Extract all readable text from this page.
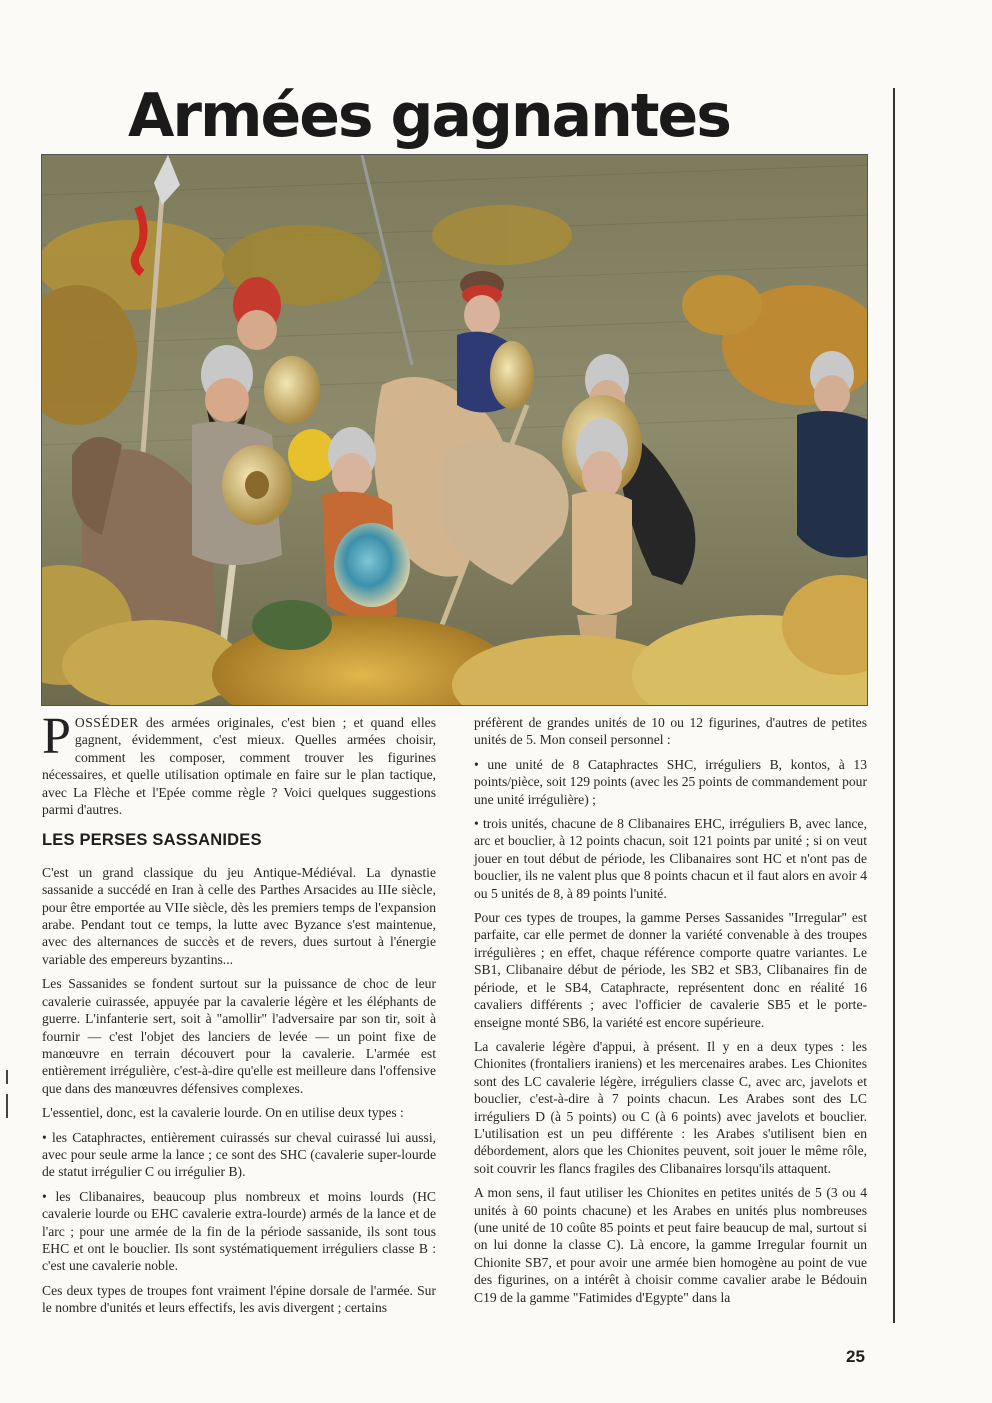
Armées gagnantes

POSSÉDER des armées originales, c'est bien ; et quand elles gagnent, évidemment, c'est mieux. Quelles armées choisir, comment les composer, comment trouver les figurines nécessaires, et quelle utilisation optimale en faire sur le plan tactique, avec La Flèche et l'Epée comme règle ? Voici quelques suggestions parmi d'autres.

LES PERSES SASSANIDES

C'est un grand classique du jeu Antique-Médiéval. La dynastie sassanide a succédé en Iran à celle des Parthes Arsacides au IIIe siècle, pour être emportée au VIIe siècle, dès les premiers temps de l'expansion arabe. Pendant tout ce temps, la lutte avec Byzance s'est maintenue, avec des alternances de succès et de revers, dues surtout à l'énergie variable des empereurs byzantins...

Les Sassanides se fondent surtout sur la puissance de choc de leur cavalerie cuirassée, appuyée par la cavalerie légère et les éléphants de guerre. L'infanterie sert, soit à "amollir" l'adversaire par son tir, soit à fournir — c'est l'objet des lanciers de levée — un point fixe de manœuvre en terrain découvert pour la cavalerie. L'armée est entièrement irrégulière, c'est-à-dire qu'elle est meilleure dans l'offensive que dans des manœuvres défensives complexes.

L'essentiel, donc, est la cavalerie lourde. On en utilise deux types :

• les Cataphractes, entièrement cuirassés sur cheval cuirassé lui aussi, avec pour seule arme la lance ; ce sont des SHC (cavalerie super-lourde de statut irrégulier C ou irrégulier B).

• les Clibanaires, beaucoup plus nombreux et moins lourds (HC cavalerie lourde ou EHC cavalerie extra-lourde) armés de la lance et de l'arc ; pour une armée de la fin de la période sassanide, ils sont tous EHC et ont le bouclier. Ils sont systématiquement irréguliers classe B : c'est une cavalerie noble.

Ces deux types de troupes font vraiment l'épine dorsale de l'armée. Sur le nombre d'unités et leurs effectifs, les avis divergent ; certains

préfèrent de grandes unités de 10 ou 12 figurines, d'autres de petites unités de 5. Mon conseil personnel :

• une unité de 8 Cataphractes SHC, irréguliers B, kontos, à 13 points/pièce, soit 129 points (avec les 25 points de commandement pour une unité irrégulière) ;

• trois unités, chacune de 8 Clibanaires EHC, irréguliers B, avec lance, arc et bouclier, à 12 points chacun, soit 121 points par unité ; si on veut jouer en tout début de période, les Clibanaires sont HC et n'ont pas de bouclier, ils ne valent plus que 8 points chacun et il faut alors en avoir 4 ou 5 unités de 8, à 89 points l'unité.

Pour ces types de troupes, la gamme Perses Sassanides "Irregular" est parfaite, car elle permet de donner la variété convenable à des troupes irrégulières ; en effet, chaque référence comporte quatre variantes. Le SB1, Clibanaire début de période, les SB2 et SB3, Clibanaires fin de période, et le SB4, Cataphracte, représentent donc en réalité 16 cavaliers différents ; avec l'officier de cavalerie SB5 et le porte-enseigne monté SB6, la variété est encore supérieure.

La cavalerie légère d'appui, à présent. Il y en a deux types : les Chionites (frontaliers iraniens) et les mercenaires arabes. Les Chionites sont des LC cavalerie légère, irréguliers classe C, avec arc, javelots et bouclier, c'est-à-dire à 7 points chacun. Les Arabes sont des LC irréguliers D (à 5 points) ou C (à 6 points) avec javelots et bouclier. L'utilisation est un peu différente : les Arabes s'utilisent bien en débordement, alors que les Chionites peuvent, soit jouer le même rôle, soit couvrir les flancs fragiles des Clibanaires lorsqu'ils attaquent.

A mon sens, il faut utiliser les Chionites en petites unités de 5 (3 ou 4 unités à 60 points chacune) et les Arabes en unités plus nombreuses (une unité de 10 coûte 85 points et peut faire beaucup de mal, surtout si on lui donne la classe C). Là encore, la gamme Irregular fournit un Chionite SB7, et pour avoir une armée bien homogène au point de vue des figurines, on a intérêt à choisir comme cavalier arabe le Bédouin C19 de la gamme "Fatimides d'Egypte" dans la

25
